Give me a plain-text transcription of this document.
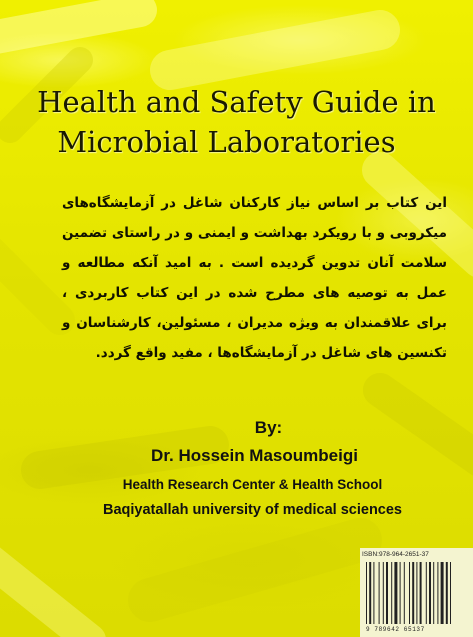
Health and Safety Guide in
Microbial Laboratories

این کتاب بر اساس نیاز کارکنان شاغل در آزمایشگاه‌های میکروبی و با رویکرد بهداشت و ایمنی و در راستای تضمین سلامت آنان تدوین گردیده است . به امید آنکه مطالعه و عمل به توصیه های مطرح شده در این کتاب کاربردی ، برای علاقمندان به ویژه مدیران ، مسئولین، کارشناسان و تکنسین های شاغل در آزمایشگاه‌ها ، مفید واقع گردد.

By:

Dr. Hossein Masoumbeigi

Health Research Center & Health School

Baqiyatallah university of medical sciences

ISBN:978-964-2651-37
9 789642 65137
